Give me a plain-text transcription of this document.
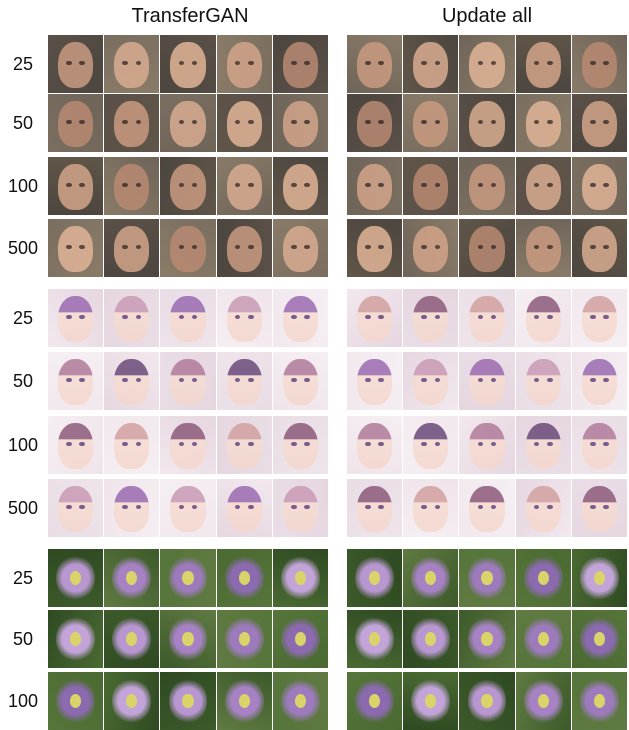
TransferGAN	Update all
25
50
100
500
25
50
100
500
25
50
100
